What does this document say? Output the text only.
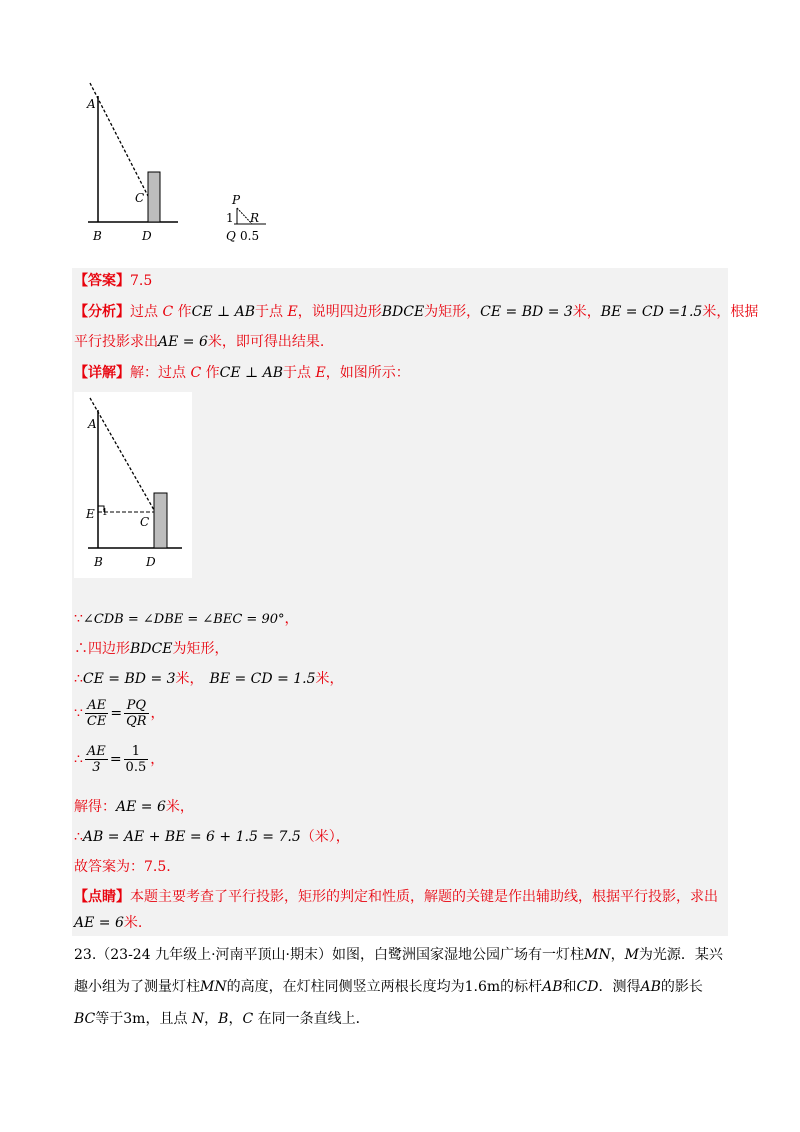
A
C
B	D
P
1 R
Q 0.5
【答案】7.5
【分析】过点 C 作CE ⊥ AB于点 E，说明四边形BDCE为矩形，CE = BD = 3米，BE = CD =1.5米，根据
平行投影求出AE = 6米，即可得出结果.
【详解】解：过点 C 作CE ⊥ AB于点 E，如图所示：
A
E 1
C
B	D
∵∠CDB = ∠DBE = ∠BEC = 90°，
∴四边形BDCE为矩形，
∴CE = BD = 3米， BE = CD = 1.5米，
∵ $\frac{AE}{CE} = \frac{PQ}{QR}$ ，
∴ $\frac{AE}{3} = \frac{1}{0.5}$ ，
解得：AE = 6米，
∴AB = AE + BE = 6 + 1.5 = 7.5（米），
故答案为：7.5.
【点睛】本题主要考查了平行投影，矩形的判定和性质，解题的关键是作出辅助线，根据平行投影，求出
AE = 6米.
23.（23-24 九年级上·河南平顶山·期末）如图，白鹭洲国家湿地公园广场有一灯柱MN，M为光源．某兴
趣小组为了测量灯柱MN的高度，在灯柱同侧竖立两根长度均为1.6m的标杆AB和CD．测得AB的影长
BC等于3m，且点 N，B，C 在同一条直线上．
